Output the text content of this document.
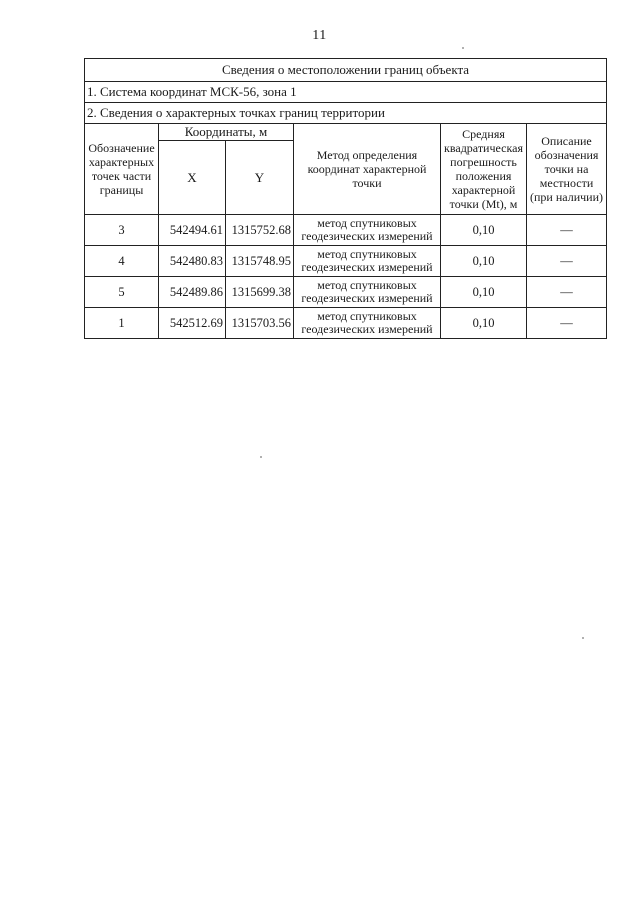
11
Сведения о местоположении границ объекта					
1. Система координат МСК-56, зона 1					
2. Сведения о характерных точках границ территории					
Обозначение характерных точек части границы	Координаты, м		Метод определения координат характерной точки	Средняя квадратическая погрешность положения характерной точки (Mt), м	Описание обозначения точки на местности (при наличии)
	X	Y			
3	542494.61	1315752.68	метод спутниковых геодезических измерений	0,10	—
4	542480.83	1315748.95	метод спутниковых геодезических измерений	0,10	—
5	542489.86	1315699.38	метод спутниковых геодезических измерений	0,10	—
1	542512.69	1315703.56	метод спутниковых геодезических измерений	0,10	—
